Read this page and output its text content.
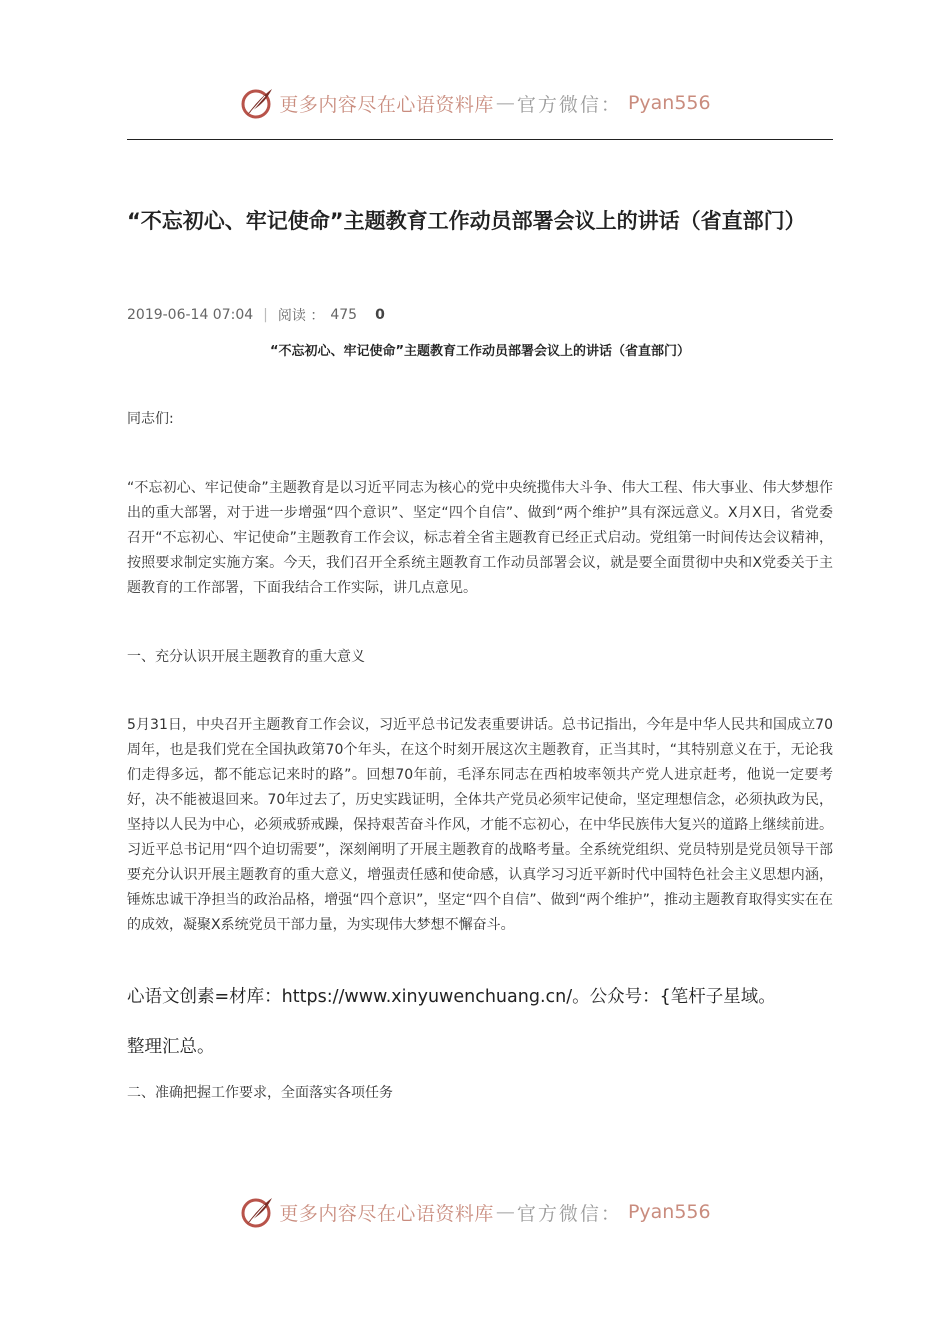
更多内容尽在心语资料库 — 官方微信： Pyan556
“不忘初心、牢记使命”主题教育工作动员部署会议上的讲话（省直部门）
2019-06-14 07:04 | 阅读 ： 475 0

“不忘初心、牢记使命”主题教育工作动员部署会议上的讲话（省直部门）

同志们:

“不忘初心、牢记使命”主题教育是以习近平同志为核心的党中央统揽伟大斗争、伟大工程、伟大事业、伟大梦想作出的重大部署，对于进一步增强“四个意识”、坚定“四个自信”、做到“两个维护”具有深远意义。X月X日，省党委召开“不忘初心、牢记使命”主题教育工作会议，标志着全省主题教育已经正式启动。党组第一时间传达会议精神，按照要求制定实施方案。今天，我们召开全系统主题教育工作动员部署会议，就是要全面贯彻中央和X党委关于主题教育的工作部署，下面我结合工作实际，讲几点意见。

一、充分认识开展主题教育的重大意义

5月31日，中央召开主题教育工作会议，习近平总书记发表重要讲话。总书记指出，今年是中华人民共和国成立70周年，也是我们党在全国执政第70个年头，在这个时刻开展这次主题教育，正当其时，“其特别意义在于，无论我们走得多远，都不能忘记来时的路”。回想70年前，毛泽东同志在西柏坡率领共产党人进京赶考，他说一定要考好，决不能被退回来。70年过去了，历史实践证明，全体共产党员必须牢记使命，坚定理想信念，必须执政为民，坚持以人民为中心，必须戒骄戒躁，保持艰苦奋斗作风，才能不忘初心，在中华民族伟大复兴的道路上继续前进。习近平总书记用“四个迫切需要”，深刻阐明了开展主题教育的战略考量。全系统党组织、党员特别是党员领导干部要充分认识开展主题教育的重大意义，增强责任感和使命感，认真学习习近平新时代中国特色社会主义思想内涵，锤炼忠诚干净担当的政治品格，增强“四个意识”，坚定“四个自信”、做到“两个维护”，推动主题教育取得实实在在的成效，凝聚X系统党员干部力量，为实现伟大梦想不懈奋斗。

心语文创素=材库：https://www.xinyuwenchuang.cn/。公众号：{笔杆子星域。

整理汇总。

二、准确把握工作要求，全面落实各项任务

更多内容尽在心语资料库 — 官方微信： Pyan556
